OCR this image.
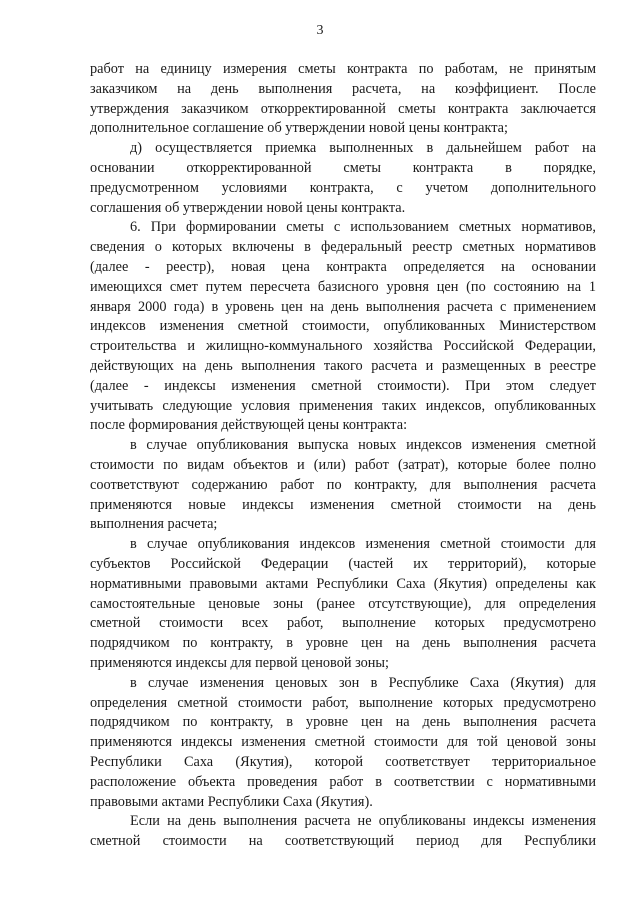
3
работ на единицу измерения сметы контракта по работам, не принятым
заказчиком на день выполнения расчета, на коэффициент. После
утверждения заказчиком откорректированной сметы контракта заключается
дополнительное соглашение об утверждении новой цены контракта;
д) осуществляется приемка выполненных в дальнейшем работ на
основании откорректированной сметы контракта в порядке,
предусмотренном условиями контракта, с учетом дополнительного
соглашения об утверждении новой цены контракта.
6. При формировании сметы с использованием сметных нормативов,
сведения о которых включены в федеральный реестр сметных нормативов
(далее - реестр), новая цена контракта определяется на основании
имеющихся смет путем пересчета базисного уровня цен (по состоянию на 1
января 2000 года) в уровень цен на день выполнения расчета с применением
индексов изменения сметной стоимости, опубликованных Министерством
строительства и жилищно-коммунального хозяйства Российской Федерации,
действующих на день выполнения такого расчета и размещенных в реестре
(далее - индексы изменения сметной стоимости). При этом следует
учитывать следующие условия применения таких индексов, опубликованных
после формирования действующей цены контракта:
в случае опубликования выпуска новых индексов изменения сметной
стоимости по видам объектов и (или) работ (затрат), которые более полно
соответствуют содержанию работ по контракту, для выполнения расчета
применяются новые индексы изменения сметной стоимости на день
выполнения расчета;
в случае опубликования индексов изменения сметной стоимости для
субъектов Российской Федерации (частей их территорий), которые
нормативными правовыми актами Республики Саха (Якутия) определены как
самостоятельные ценовые зоны (ранее отсутствующие), для определения
сметной стоимости всех работ, выполнение которых предусмотрено
подрядчиком по контракту, в уровне цен на день выполнения расчета
применяются индексы для первой ценовой зоны;
в случае изменения ценовых зон в Республике Саха (Якутия) для
определения сметной стоимости работ, выполнение которых предусмотрено
подрядчиком по контракту, в уровне цен на день выполнения расчета
применяются индексы изменения сметной стоимости для той ценовой зоны
Республики Саха (Якутия), которой соответствует территориальное
расположение объекта проведения работ в соответствии с нормативными
правовыми актами Республики Саха (Якутия).
Если на день выполнения расчета не опубликованы индексы изменения
сметной стоимости на соответствующий период для Республики
